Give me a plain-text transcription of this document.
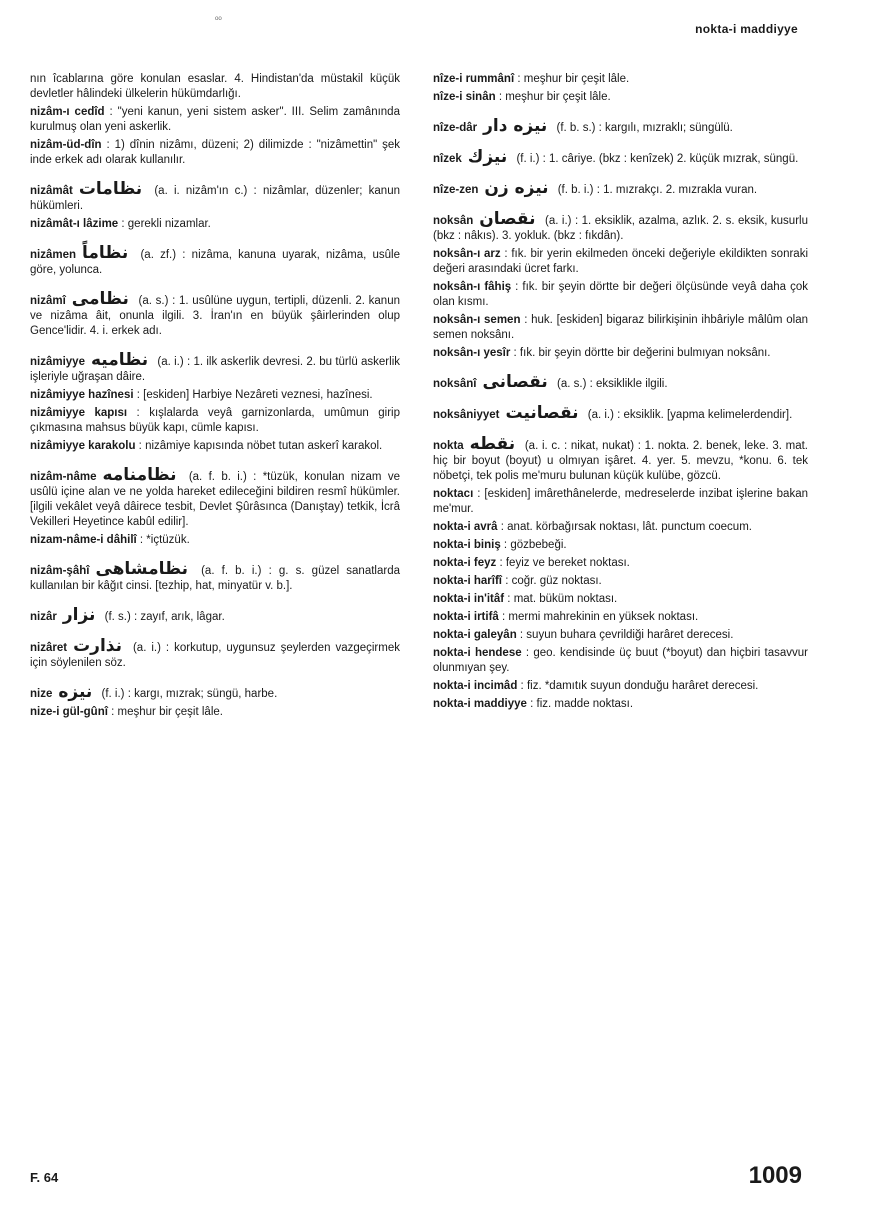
ᵒᵒ
nokta-i maddiyye

nın îcablarına göre konulan esaslar. 4. Hindistan'da müstakil küçük devletler hâlindeki ülkelerin hükümdarlığı.

nizâm-ı cedîd : "yeni kanun, yeni sistem asker". III. Selim zamânında kurulmuş olan yeni askerlik.

nizâm-üd-dîn : 1) dînin nizâmı, düzeni; 2) dilimizde : "nizâmettin" şek inde erkek adı olarak kullanılır.

nizâmât نظامات (a. i. nizâm'ın c.) : nizâmlar, düzenler; kanun hükümleri.

nizâmât-ı lâzime : gerekli nizamlar.

nizâmen نظاماً (a. zf.) : nizâma, kanuna uyarak, nizâma, usûle göre, yolunca.

nizâmî نظامى (a. s.) : 1. usûlüne uygun, tertipli, düzenli. 2. kanun ve nizâma âit, onunla ilgili. 3. İran'ın en büyük şâirlerinden olup Gence'lidir. 4. i. erkek adı.

nizâmiyye نظاميه (a. i.) : 1. ilk askerlik devresi. 2. bu türlü askerlik işleriyle uğraşan dâire.

nizâmiyye hazînesi : [eskiden] Harbiye Nezâreti veznesi, hazînesi.

nizâmiyye kapısı : kışlalarda veyâ garnizonlarda, umûmun girip çıkmasına mahsus büyük kapı, cümle kapısı.

nizâmiyye karakolu : nizâmiye kapısında nöbet tutan askerî karakol.

nizâm-nâme نظامنامه (a. f. b. i.) : *tüzük, konulan nizam ve usûlü içine alan ve ne yolda hareket edileceğini bildiren resmî hükümler. [ilgili vekâlet veyâ dâirece tesbit, Devlet Şûrâsınca (Danıştay) tetkik, İcrâ Vekilleri Heyetince kabûl edilir].

nizam-nâme-i dâhilî : *içtüzük.

nizâm-şâhî نظامشاهى (a. f. b. i.) : g. s. güzel sanatlarda kullanılan bir kâğıt cinsi. [tezhip, hat, minyatür v. b.].

nizâr نزار (f. s.) : zayıf, arık, lâgar.

nizâret نذارت (a. i.) : korkutup, uygunsuz şeylerden vazgeçirmek için söylenilen söz.

nize نيزه (f. i.) : kargı, mızrak; süngü, harbe.

nize-i gül-gûnî : meşhur bir çeşit lâle.

nîze-i rummânî : meşhur bir çeşit lâle.

nîze-i sinân : meşhur bir çeşit lâle.

nîze-dâr نيزه دار (f. b. s.) : kargılı, mızraklı; süngülü.

nîzek نيزك (f. i.) : 1. câriye. (bkz : kenîzek) 2. küçük mızrak, süngü.

nîze-zen نيزه زن (f. b. i.) : 1. mızrakçı. 2. mızrakla vuran.

noksân نقصان (a. i.) : 1. eksiklik, azalma, azlık. 2. s. eksik, kusurlu (bkz : nâkıs). 3. yokluk. (bkz : fıkdân).

noksân-ı arz : fık. bir yerin ekilmeden önceki değeriyle ekildikten sonraki değeri arasındaki ücret farkı.

noksân-ı fâhiş : fık. bir şeyin dörtte bir değeri ölçüsünde veyâ daha çok olan kısmı.

noksân-ı semen : huk. [eskiden] bigaraz bilirkişinin ihbâriyle mâlûm olan semen noksânı.

noksân-ı yesîr : fık. bir şeyin dörtte bir değerini bulmıyan noksânı.

noksânî نقصانى (a. s.) : eksiklikle ilgili.

noksâniyyet نقصانيت (a. i.) : eksiklik. [yapma kelimelerdendir].

nokta نقطه (a. i. c. : nikat, nukat) : 1. nokta. 2. benek, leke. 3. mat. hiç bir boyut (boyut) u olmıyan işâret. 4. yer. 5. mevzu, *konu. 6. tek nöbetçi, tek polis me'muru bulunan küçük kulübe, gözcü.

noktacı : [eskiden] imârethânelerde, medreselerde inzibat işlerine bakan me'mur.

nokta-i avrâ : anat. körbağırsak noktası, lât. punctum coecum.

nokta-i biniş : gözbebeği.

nokta-i feyz : feyiz ve bereket noktası.

nokta-i harîfî : coğr. güz noktası.

nokta-i in'itâf : mat. büküm noktası.

nokta-i irtifâ : mermi mahrekinin en yüksek noktası.

nokta-i galeyân : suyun buhara çevrildiği harâret derecesi.

nokta-i hendese : geo. kendisinde üç buut (*boyut) dan hiçbiri tasavvur olunmıyan şey.

nokta-i incimâd : fiz. *damıtık suyun donduğu harâret derecesi.

nokta-i maddiyye : fiz. madde noktası.

F. 64	1009
